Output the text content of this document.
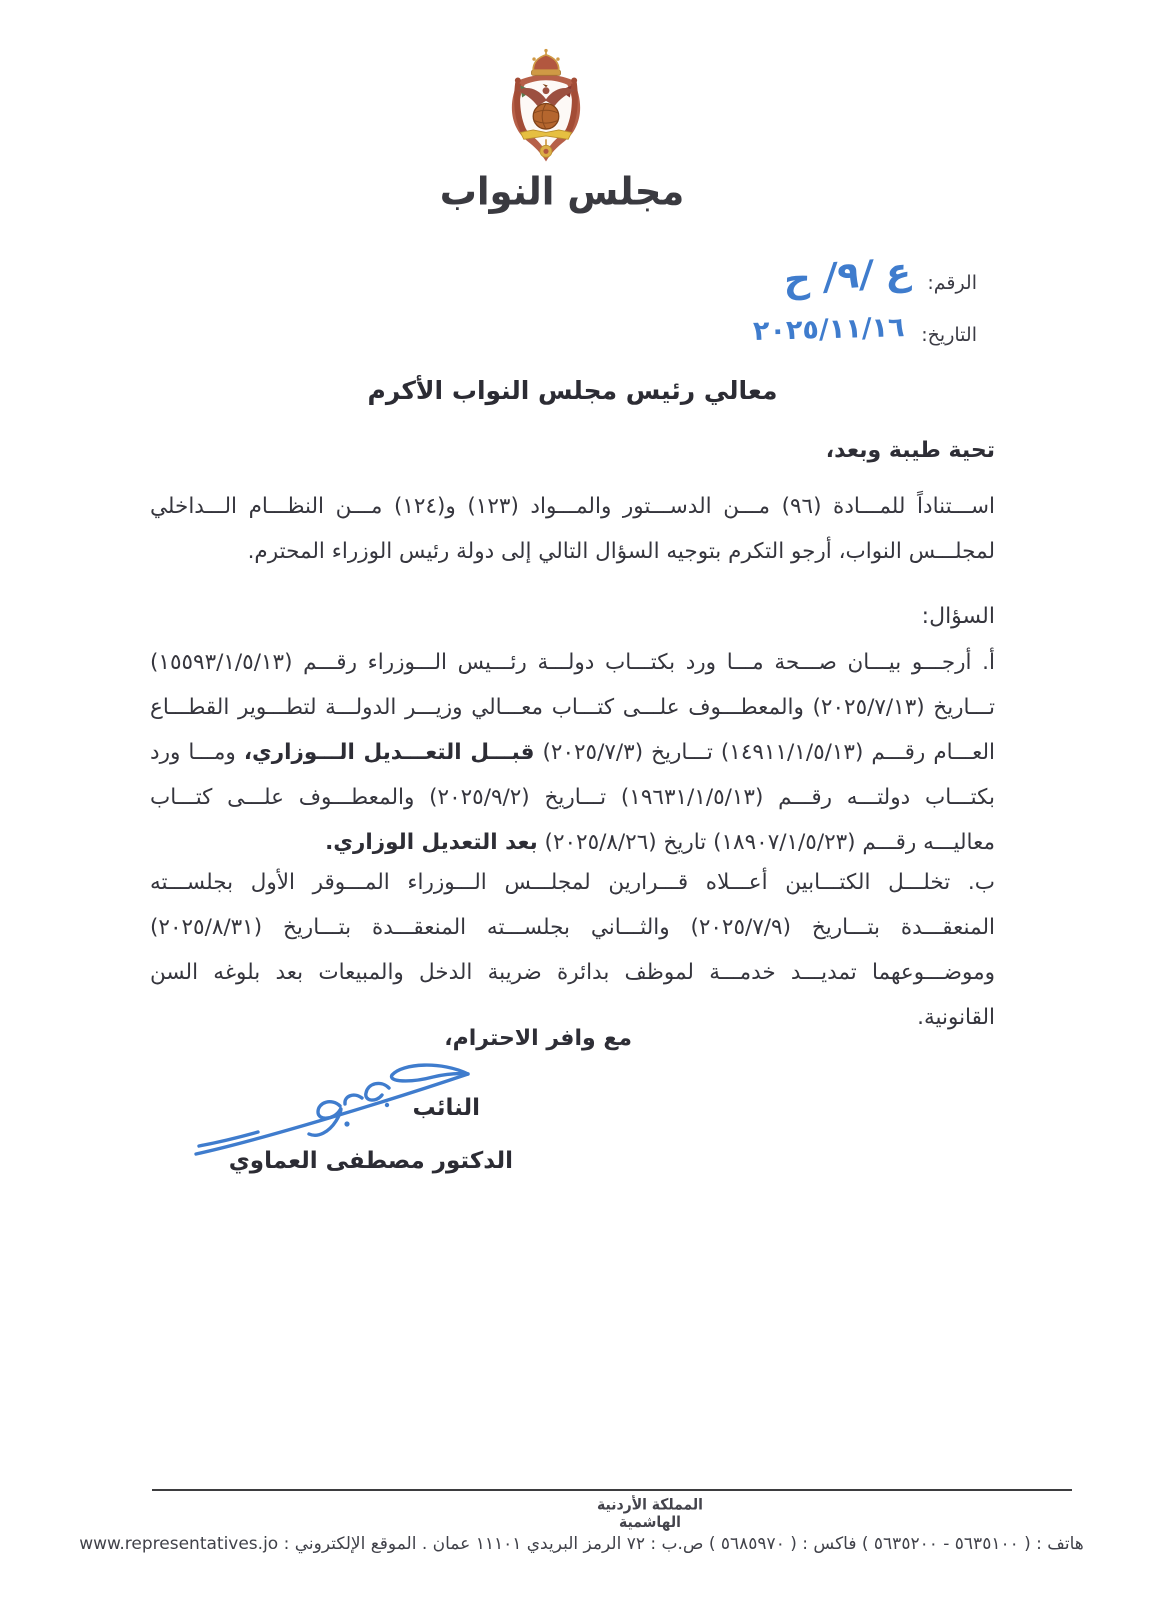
مجلس النواب
الرقم:
ع /٩/ ح
التاريخ:
٢٠٢٥/١١/١٦
معالي رئيس مجلس النواب الأكرم
تحية طيبة وبعد،
اســـتناداً للمـــادة (٩٦) مـــن الدســـتور والمـــواد (١٢٣) و(١٢٤) مـــن النظـــام الـــداخلي لمجلـــس النواب، أرجو التكرم بتوجيه السؤال التالي إلى دولة رئيس الوزراء المحترم.
السؤال:
أ. أرجـــو بيـــان صـــحة مـــا ورد بكتـــاب دولـــة رئـــيس الـــوزراء رقـــم (١٥٥٩٣/١/٥/١٣) تـــاريخ (٢٠٢٥/٧/١٣) والمعطـــوف علـــى كتـــاب معـــالي وزيـــر الدولـــة لتطـــوير القطـــاع العـــام رقـــم (١٤٩١١/١/٥/١٣) تـــاريخ (٢٠٢٥/٧/٣) قبـــل التعـــديل الـــوزاري، ومـــا ورد بكتـــاب دولتـــه رقـــم (١٩٦٣١/١/٥/١٣) تـــاريخ (٢٠٢٥/٩/٢) والمعطـــوف علـــى كتـــاب معاليـــه رقـــم (١٨٩٠٧/١/٥/٢٣) تاريخ (٢٠٢٥/٨/٢٦) بعد التعديل الوزاري.
ب. تخلـــل الكتـــابين أعـــلاه قـــرارين لمجلـــس الـــوزراء المـــوقر الأول بجلســـته المنعقـــدة بتـــاريخ (٢٠٢٥/٧/٩) والثـــاني بجلســـته المنعقـــدة بتـــاريخ (٢٠٢٥/٨/٣١) وموضـــوعهما تمديـــد خدمـــة لموظف بدائرة ضريبة الدخل والمبيعات بعد بلوغه السن القانونية.
مع وافر الاحترام،
النائب
الدكتور مصطفى العماوي
المملكة الأردنية الهاشمية
هاتف : ( ٥٦٣٥١٠٠ - ٥٦٣٥٢٠٠ ) فاكس : ( ٥٦٨٥٩٧٠ ) ص.ب : ٧٢ الرمز البريدي ١١١٠١ عمان . الموقع الإلكتروني : www.representatives.jo
